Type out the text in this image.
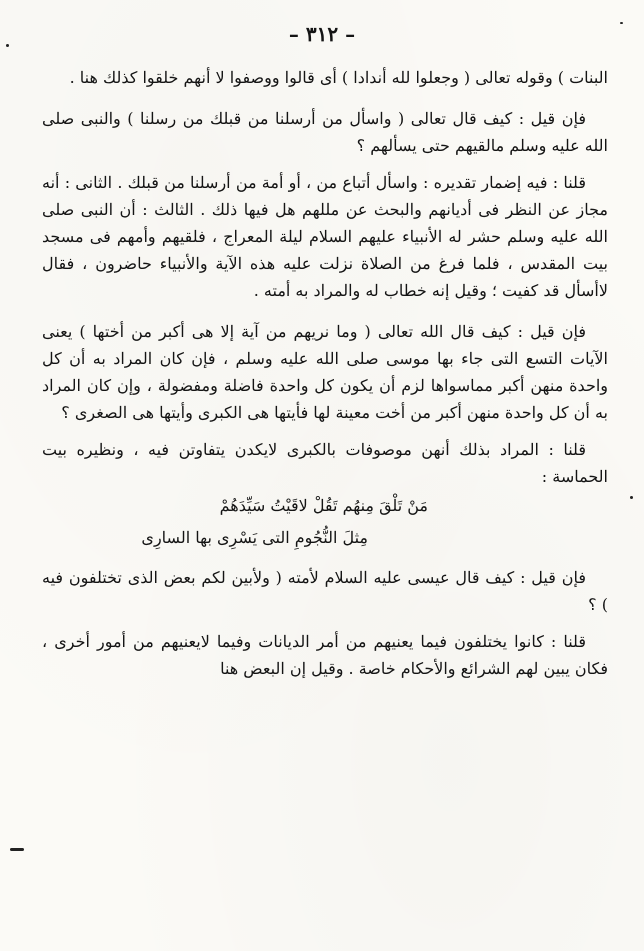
– ٣١٢ –

البنات ) وقوله تعالى ( وجعلوا لله أندادا ) أى قالوا ووصفوا لا أنهم خلقوا كذلك هنا .

فإن قيل : كيف قال تعالى ( واسأل من أرسلنا من قبلك من رسلنا ) والنبى صلى الله عليه وسلم مالقيهم حتى يسألهم ؟

قلنا : فيه إضمار تقديره : واسأل أتباع من ، أو أمة من أرسلنا من قبلك . الثانى : أنه مجاز عن النظر فى أديانهم والبحث عن مللهم هل فيها ذلك . الثالث : أن النبى صلى الله عليه وسلم حشر له الأنبياء عليهم السلام ليلة المعراج ، فلقيهم وأمهم فى مسجد بيت المقدس ، فلما فرغ من الصلاة نزلت عليه هذه الآية والأنبياء حاضرون ، فقال لاأسأل قد كفيت ؛ وقيل إنه خطاب له والمراد به أمته .

فإن قيل : كيف قال الله تعالى ( وما نريهم من آية إلا هى أكبر من أختها ) يعنى الآيات التسع التى جاء بها موسى صلى الله عليه وسلم ، فإن كان المراد به أن كل واحدة منهن أكبر مماسواها لزم أن يكون كل واحدة فاضلة ومفضولة ، وإن كان المراد به أن كل واحدة منهن أكبر من أخت معينة لها فأيتها هى الكبرى وأيتها هى الصغرى ؟

قلنا : المراد بذلك أنهن موصوفات بالكبرى لايكدن يتفاوتن فيه ، ونظيره بيت الحماسة :

مَنْ تَلْقَ مِنهُم تَقُلْ لاقَيْتُ سَيِّدَهُمْ

مِثلَ النُّجُومِ التى يَسْرِى بها السارِى

فإن قيل : كيف قال عيسى عليه السلام لأمته ( ولأبين لكم بعض الذى تختلفون فيه ) ؟

قلنا : كانوا يختلفون فيما يعنيهم من أمر الديانات وفيما لايعنيهم من أمور أخرى ، فكان يبين لهم الشرائع والأحكام خاصة . وقيل إن البعض هنا
